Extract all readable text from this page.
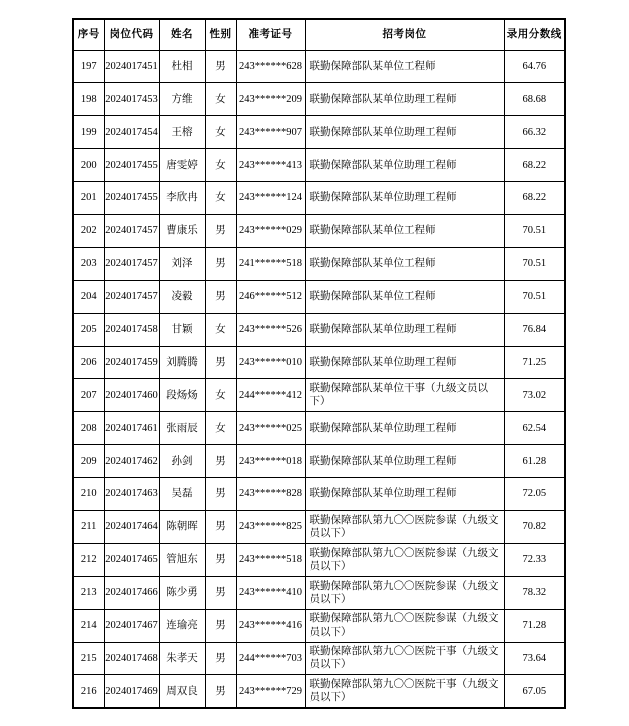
序号	岗位代码	姓名	性别	准考证号	招考岗位	录用分数线
197	2024017451	杜相	男	243******628	联勤保障部队某单位工程师	64.76
198	2024017453	方维	女	243******209	联勤保障部队某单位助理工程师	68.68
199	2024017454	王榕	女	243******907	联勤保障部队某单位助理工程师	66.32
200	2024017455	唐雯婷	女	243******413	联勤保障部队某单位助理工程师	68.22
201	2024017455	李欣冉	女	243******124	联勤保障部队某单位助理工程师	68.22
202	2024017457	曹康乐	男	243******029	联勤保障部队某单位工程师	70.51
203	2024017457	刘泽	男	241******518	联勤保障部队某单位工程师	70.51
204	2024017457	凌毅	男	246******512	联勤保障部队某单位工程师	70.51
205	2024017458	甘颖	女	243******526	联勤保障部队某单位助理工程师	76.84
206	2024017459	刘腾腾	男	243******010	联勤保障部队某单位助理工程师	71.25
207	2024017460	段炀炀	女	244******412	联勤保障部队某单位干事（九级文员以下）	73.02
208	2024017461	张雨辰	女	243******025	联勤保障部队某单位助理工程师	62.54
209	2024017462	孙剑	男	243******018	联勤保障部队某单位助理工程师	61.28
210	2024017463	吴磊	男	243******828	联勤保障部队某单位助理工程师	72.05
211	2024017464	陈朝晖	男	243******825	联勤保障部队第九〇〇医院参谋（九级文员以下）	70.82
212	2024017465	管旭东	男	243******518	联勤保障部队第九〇〇医院参谋（九级文员以下）	72.33
213	2024017466	陈少勇	男	243******410	联勤保障部队第九〇〇医院参谋（九级文员以下）	78.32
214	2024017467	连瑜亮	男	243******416	联勤保障部队第九〇〇医院参谋（九级文员以下）	71.28
215	2024017468	朱孝天	男	244******703	联勤保障部队第九〇〇医院干事（九级文员以下）	73.64
216	2024017469	周双良	男	243******729	联勤保障部队第九〇〇医院干事（九级文员以下）	67.05
